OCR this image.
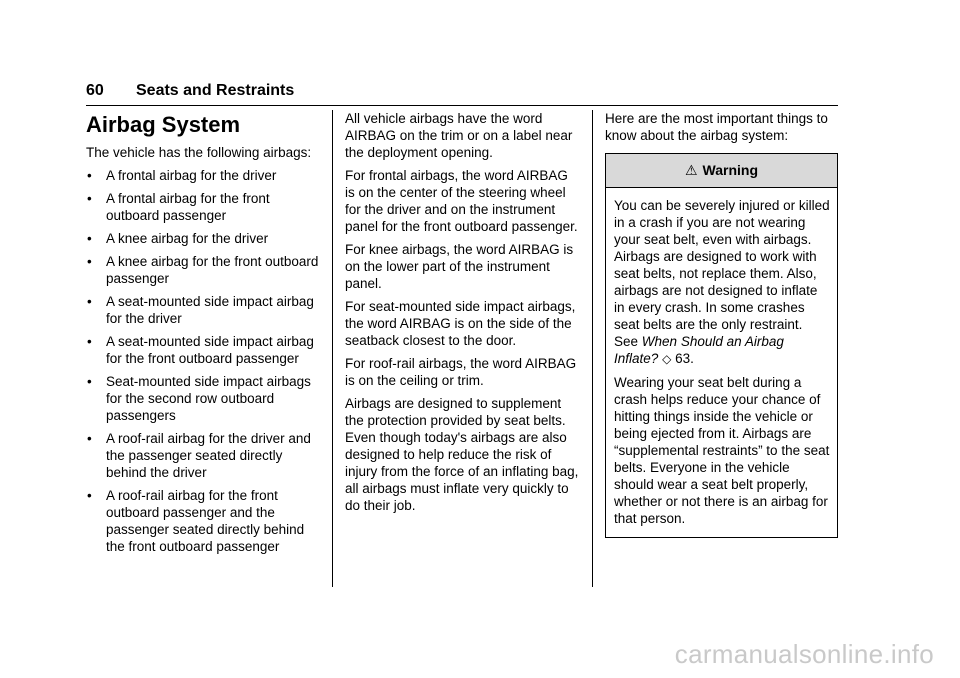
60 Seats and Restraints
Airbag System

The vehicle has the following airbags:

• A frontal airbag for the driver
• A frontal airbag for the front outboard passenger
• A knee airbag for the driver
• A knee airbag for the front outboard passenger
• A seat-mounted side impact airbag for the driver
• A seat-mounted side impact airbag for the front outboard passenger
• Seat-mounted side impact airbags for the second row outboard passengers
• A roof-rail airbag for the driver and the passenger seated directly behind the driver
• A roof-rail airbag for the front outboard passenger and the passenger seated directly behind the front outboard passenger

All vehicle airbags have the word AIRBAG on the trim or on a label near the deployment opening.

For frontal airbags, the word AIRBAG is on the center of the steering wheel for the driver and on the instrument panel for the front outboard passenger.

For knee airbags, the word AIRBAG is on the lower part of the instrument panel.

For seat-mounted side impact airbags, the word AIRBAG is on the side of the seatback closest to the door.

For roof-rail airbags, the word AIRBAG is on the ceiling or trim.

Airbags are designed to supplement the protection provided by seat belts. Even though today's airbags are also designed to help reduce the risk of injury from the force of an inflating bag, all airbags must inflate very quickly to do their job.

Here are the most important things to know about the airbag system:

⚠ Warning

You can be severely injured or killed in a crash if you are not wearing your seat belt, even with airbags. Airbags are designed to work with seat belts, not replace them. Also, airbags are not designed to inflate in every crash. In some crashes seat belts are the only restraint. See When Should an Airbag Inflate? ◇ 63.

Wearing your seat belt during a crash helps reduce your chance of hitting things inside the vehicle or being ejected from it. Airbags are “supplemental restraints” to the seat belts. Everyone in the vehicle should wear a seat belt properly, whether or not there is an airbag for that person.

carmanualsonline.info
